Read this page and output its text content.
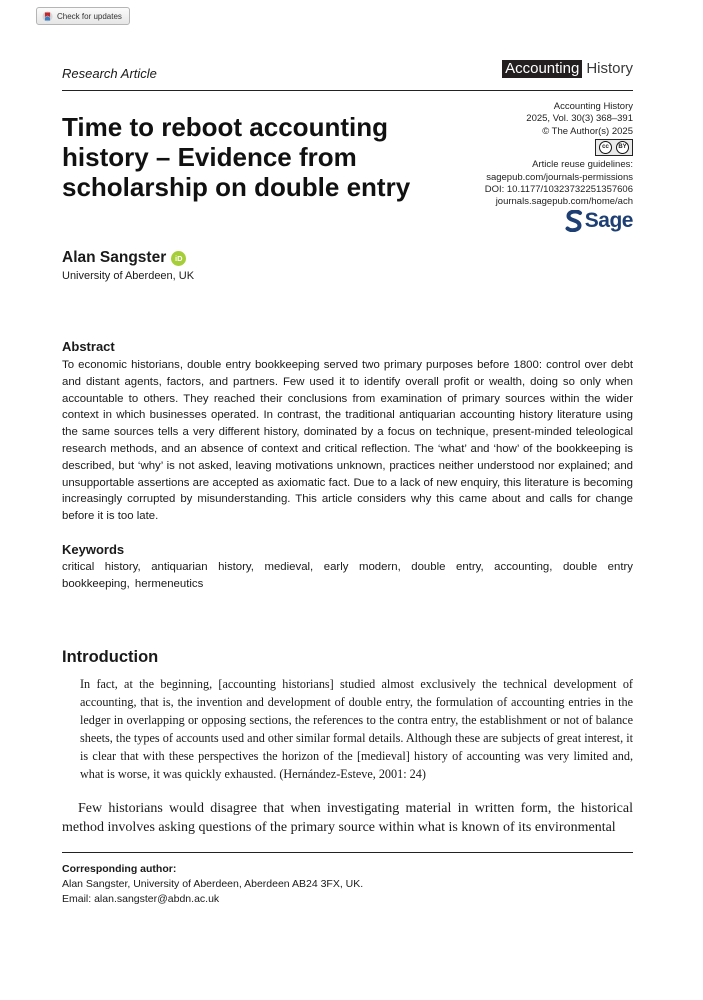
Check for updates
Research Article	Accounting History
Time to reboot accounting history – Evidence from scholarship on double entry
Accounting History
2025, Vol. 30(3) 368–391
© The Author(s) 2025
cc	BY
Article reuse guidelines:
sagepub.com/journals-permissions
DOI: 10.1177/10323732251357606
journals.sagepub.com/home/ach
Sage
Alan Sangster	iD
University of Aberdeen, UK
Abstract

To economic historians, double entry bookkeeping served two primary purposes before 1800: control over debt and distant agents, factors, and partners. Few used it to identify overall profit or wealth, doing so only when accountable to others. They reached their conclusions from examination of primary sources within the wider context in which businesses operated. In contrast, the traditional antiquarian accounting history literature using the same sources tells a very different history, dominated by a focus on technique, present-minded teleological research methods, and an absence of context and critical reflection. The ‘what’ and ‘how’ of the bookkeeping is described, but ‘why’ is not asked, leaving motivations unknown, practices neither understood nor explained; and unsupportable assertions are accepted as axiomatic fact. Due to a lack of new enquiry, this literature is becoming increasingly corrupted by misunderstanding. This article considers why this came about and calls for change before it is too late.

Keywords

critical history, antiquarian history, medieval, early modern, double entry, accounting, double entry bookkeeping, hermeneutics

Introduction

In fact, at the beginning, [accounting historians] studied almost exclusively the technical development of accounting, that is, the invention and development of double entry, the formulation of accounting entries in the ledger in overlapping or opposing sections, the references to the contra entry, the establishment or not of balance sheets, the types of accounts used and other similar formal details. Although these are subjects of great interest, it is clear that with these perspectives the horizon of the [medieval] history of accounting was very limited and, what is worse, it was quickly exhausted. (Hernández-Esteve, 2001: 24)

Few historians would disagree that when investigating material in written form, the historical method involves asking questions of the primary source within what is known of its environmental

Corresponding author:
Alan Sangster, University of Aberdeen, Aberdeen AB24 3FX, UK.
Email: alan.sangster@abdn.ac.uk
